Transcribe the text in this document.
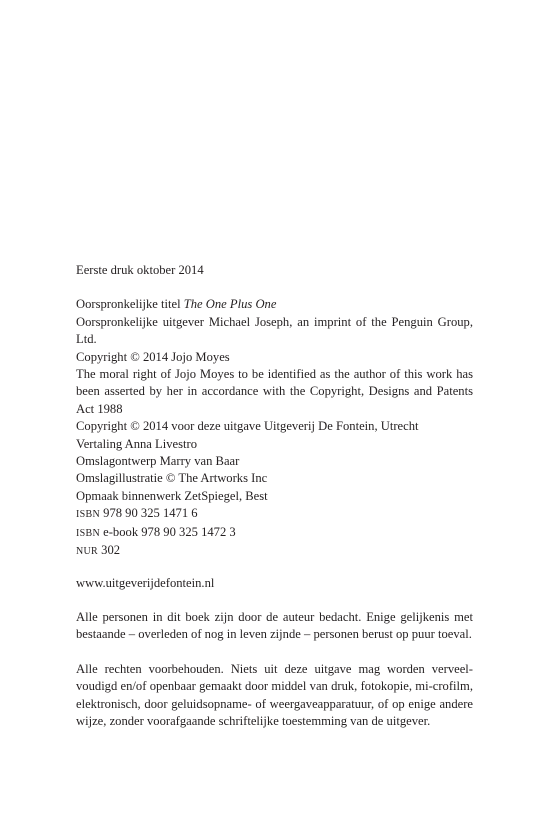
Eerste druk oktober 2014
Oorspronkelijke titel The One Plus One
Oorspronkelijke uitgever Michael Joseph, an imprint of the Penguin Group, Ltd.
Copyright © 2014 Jojo Moyes
The moral right of Jojo Moyes to be identified as the author of this work has been asserted by her in accordance with the Copyright, Designs and Patents Act 1988
Copyright © 2014 voor deze uitgave Uitgeverij De Fontein, Utrecht
Vertaling Anna Livestro
Omslagontwerp Marry van Baar
Omslagillustratie © The Artworks Inc
Opmaak binnenwerk ZetSpiegel, Best
ISBN 978 90 325 1471 6
ISBN e-book 978 90 325 1472 3
NUR 302
www.uitgeverijdefontein.nl
Alle personen in dit boek zijn door de auteur bedacht. Enige gelijkenis met bestaande – overleden of nog in leven zijnde – personen berust op puur toeval.
Alle rechten voorbehouden. Niets uit deze uitgave mag worden verveel-voudigd en/of openbaar gemaakt door middel van druk, fotokopie, mi-crofilm, elektronisch, door geluidsopname- of weergaveapparatuur, of op enige andere wijze, zonder voorafgaande schriftelijke toestemming van de uitgever.
